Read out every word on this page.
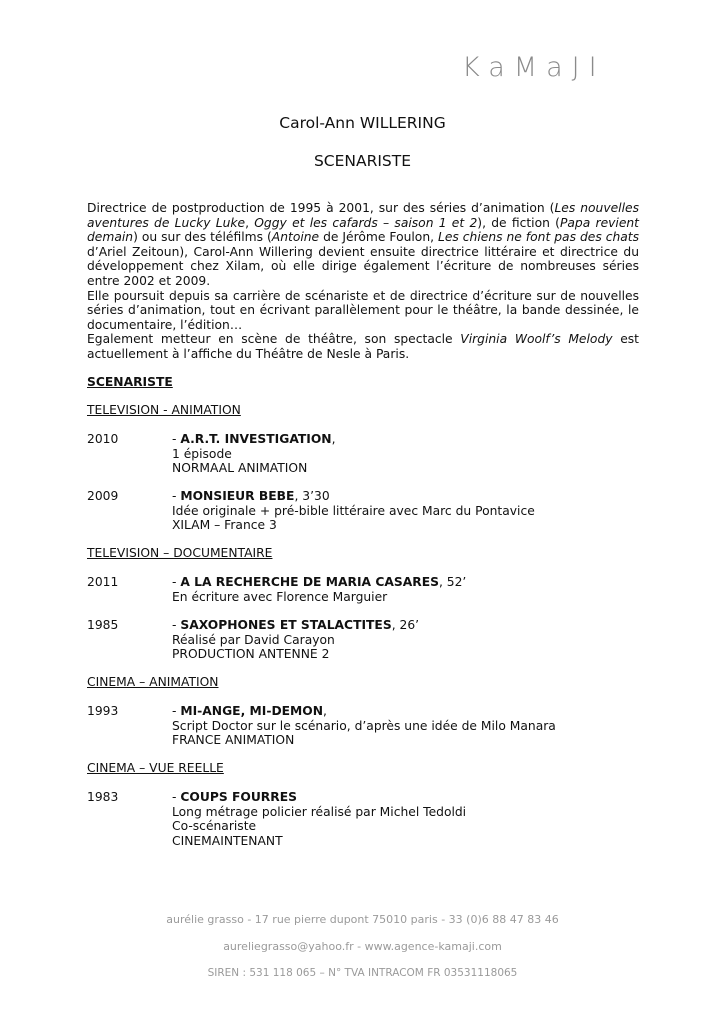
KaMaJI
Carol-Ann WILLERING
SCENARISTE

Directrice de postproduction de 1995 à 2001, sur des séries d’animation (Les nouvelles aventures de Lucky Luke, Oggy et les cafards – saison 1 et 2), de fiction (Papa revient demain) ou sur des téléfilms (Antoine de Jérôme Foulon, Les chiens ne font pas des chats d’Ariel Zeitoun), Carol-Ann Willering devient ensuite directrice littéraire et directrice du développement chez Xilam, où elle dirige également l’écriture de nombreuses séries entre 2002 et 2009.

Elle poursuit depuis sa carrière de scénariste et de directrice d’écriture sur de nouvelles séries d’animation, tout en écrivant parallèlement pour le théâtre, la bande dessinée, le documentaire, l’édition…

Egalement metteur en scène de théâtre, son spectacle Virginia Woolf’s Melody est actuellement à l’affiche du Théâtre de Nesle à Paris.

SCENARISTE
TELEVISION - ANIMATION
2010	- A.R.T. INVESTIGATION,
1 épisode
NORMAAL ANIMATION
2009	- MONSIEUR BEBE, 3’30
Idée originale + pré-bible littéraire avec Marc du Pontavice
XILAM – France 3
TELEVISION – DOCUMENTAIRE
2011	- A LA RECHERCHE DE MARIA CASARES, 52’
En écriture avec Florence Marguier
1985	- SAXOPHONES ET STALACTITES, 26’
Réalisé par David Carayon
PRODUCTION ANTENNE 2
CINEMA – ANIMATION
1993	- MI-ANGE, MI-DEMON,
Script Doctor sur le scénario, d’après une idée de Milo Manara
FRANCE ANIMATION
CINEMA – VUE REELLE
1983	- COUPS FOURRES
Long métrage policier réalisé par Michel Tedoldi
Co-scénariste
CINEMAINTENANT
aurélie grasso - 17 rue pierre dupont 75010 paris - 33 (0)6 88 47 83 46
aureliegrasso@yahoo.fr - www.agence-kamaji.com
SIREN : 531 118 065 – N° TVA INTRACOM FR 03531118065
